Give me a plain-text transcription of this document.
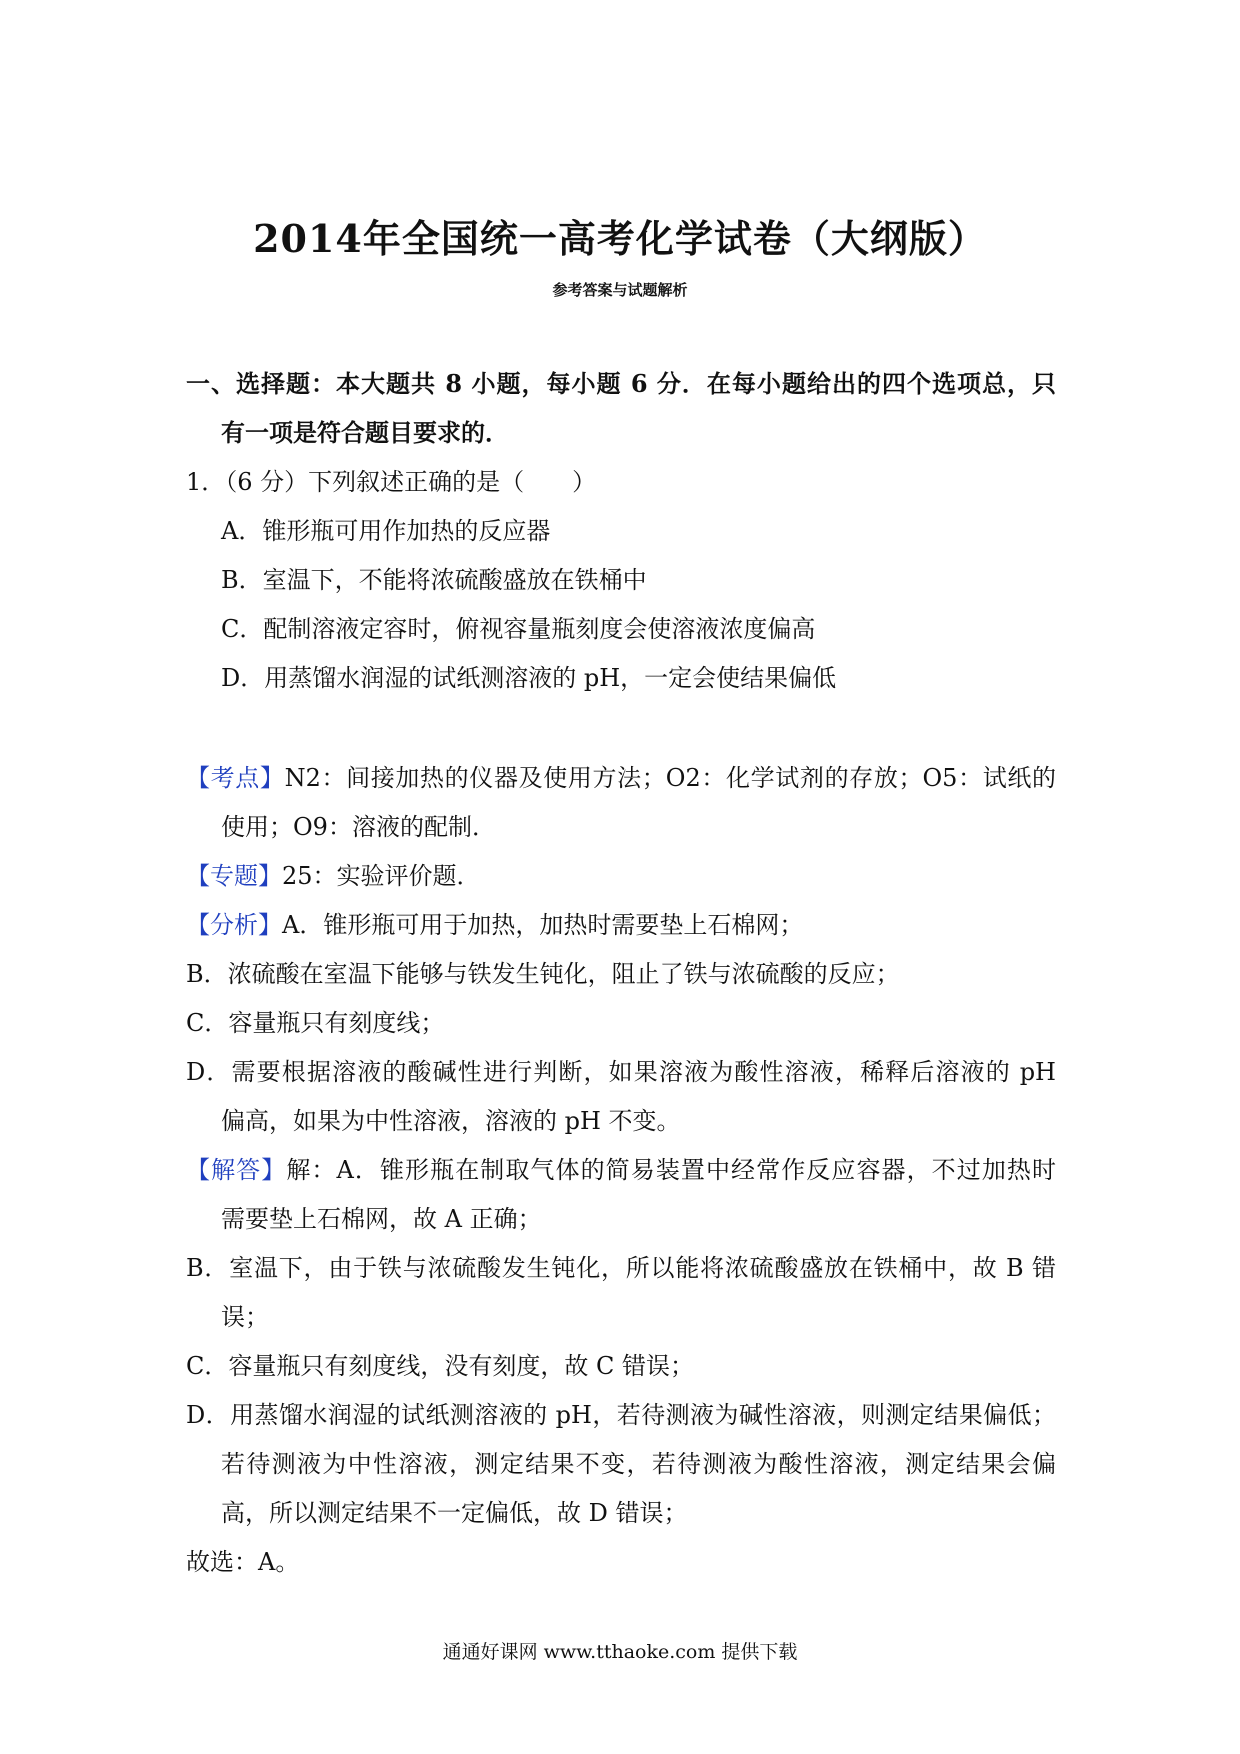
2014年全国统一高考化学试卷（大纲版）
参考答案与试题解析
一、选择题：本大题共 8 小题，每小题 6 分．在每小题给出的四个选项总，只
有一项是符合题目要求的．
1．（6 分）下列叙述正确的是（　　）
A．锥形瓶可用作加热的反应器
B．室温下，不能将浓硫酸盛放在铁桶中
C．配制溶液定容时，俯视容量瓶刻度会使溶液浓度偏高
D．用蒸馏水润湿的试纸测溶液的 pH，一定会使结果偏低
【考点】N2：间接加热的仪器及使用方法；O2：化学试剂的存放；O5：试纸的
使用；O9：溶液的配制．
【专题】25：实验评价题．
【分析】A．锥形瓶可用于加热，加热时需要垫上石棉网；
B．浓硫酸在室温下能够与铁发生钝化，阻止了铁与浓硫酸的反应；
C．容量瓶只有刻度线；
D．需要根据溶液的酸碱性进行判断，如果溶液为酸性溶液，稀释后溶液的 pH
偏高，如果为中性溶液，溶液的 pH 不变。
【解答】解：A．锥形瓶在制取气体的简易装置中经常作反应容器，不过加热时
需要垫上石棉网，故 A 正确；
B．室温下，由于铁与浓硫酸发生钝化，所以能将浓硫酸盛放在铁桶中，故 B 错
误；
C．容量瓶只有刻度线，没有刻度，故 C 错误；
D．用蒸馏水润湿的试纸测溶液的 pH，若待测液为碱性溶液，则测定结果偏低；
若待测液为中性溶液，测定结果不变，若待测液为酸性溶液，测定结果会偏
高，所以测定结果不一定偏低，故 D 错误；
故选：A。
通通好课网 www.tthaoke.com 提供下载
